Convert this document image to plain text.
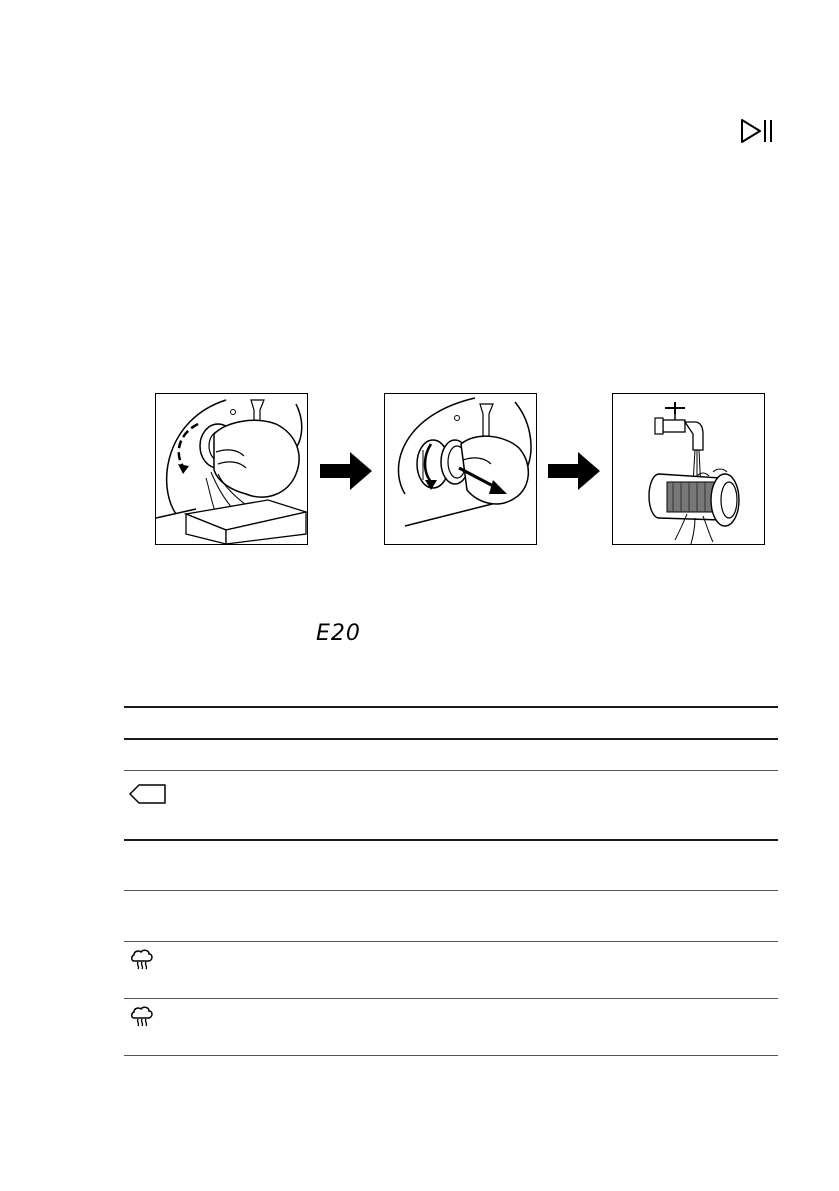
E20
